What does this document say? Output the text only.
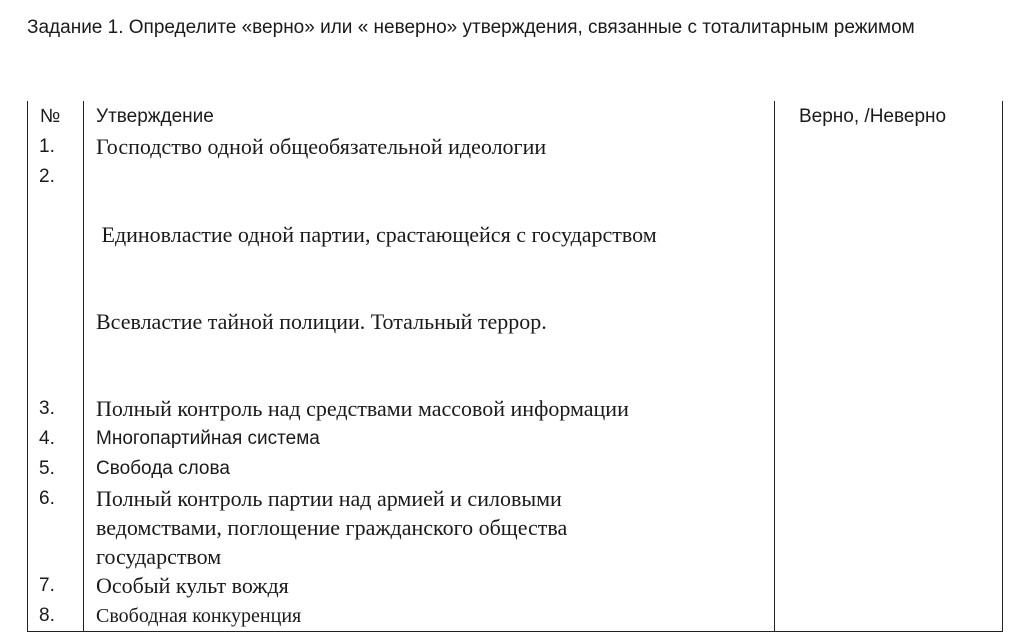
Задание 1. Определите «верно» или « неверно» утверждения, связанные с тоталитарным режимом

№	Утверждение	Верно, /Неверно
1.	Господство одной общеобязательной идеологии	

2.	Единовластие одной партии, срастающейся с государством

Всевластие тайной полиции. Тотальный террор.	

3.	Полный контроль над средствами массовой информации	

4.	Многопартийная система	

5.	Свобода слова	

6.	Полный контроль партии над армией и силовыми
ведомствами, поглощение гражданского общества
государством	

7.	Особый культ вождя	

8.	Свободная конкуренция	
